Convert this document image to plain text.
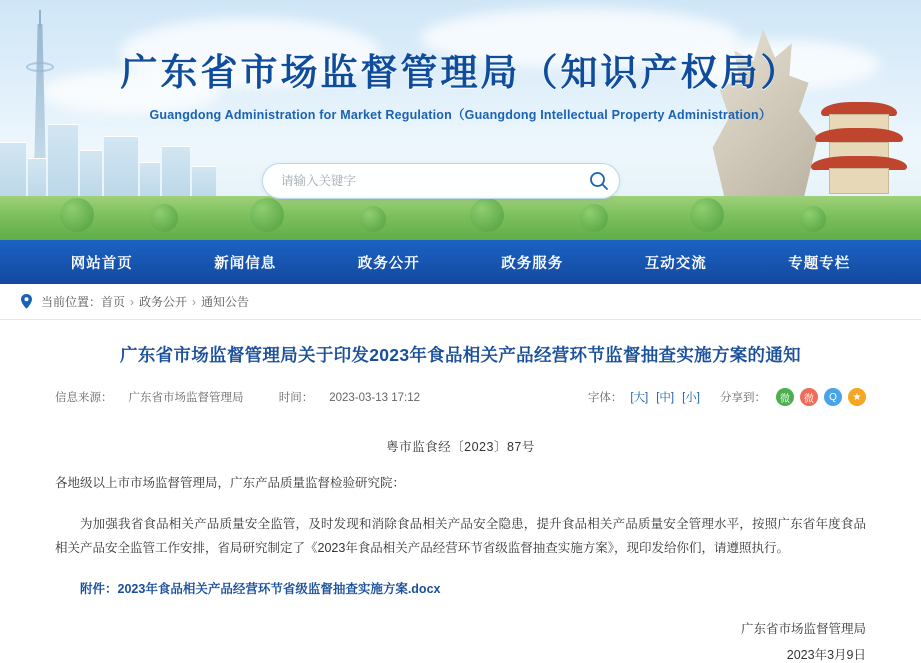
广东省市场监督管理局（知识产权局）
Guangdong Administration for Market Regulation（Guangdong Intellectual Property Administration）
请输入关键字
网站首页	新闻信息	政务公开	政务服务	互动交流	专题专栏
当前位置： 首页 › 政务公开 › 通知公告
广东省市场监督管理局关于印发2023年食品相关产品经营环节监督抽查实施方案的通知
信息来源： 广东省市场监督管理局	时间： 2023-03-13 17:12	字体： [大] [中] [小] 分享到：	微	微	Q	★
粤市监食经〔2023〕87号
各地级以上市市场监督管理局，广东产品质量监督检验研究院：
为加强我省食品相关产品质量安全监管，及时发现和消除食品相关产品安全隐患，提升食品相关产品质量安全管理水平，按照广东省年度食品相关产品安全监管工作安排，省局研究制定了《2023年食品相关产品经营环节省级监督抽查实施方案》，现印发给你们，请遵照执行。
附件：2023年食品相关产品经营环节省级监督抽查实施方案.docx
广东省市场监督管理局
2023年3月9日
